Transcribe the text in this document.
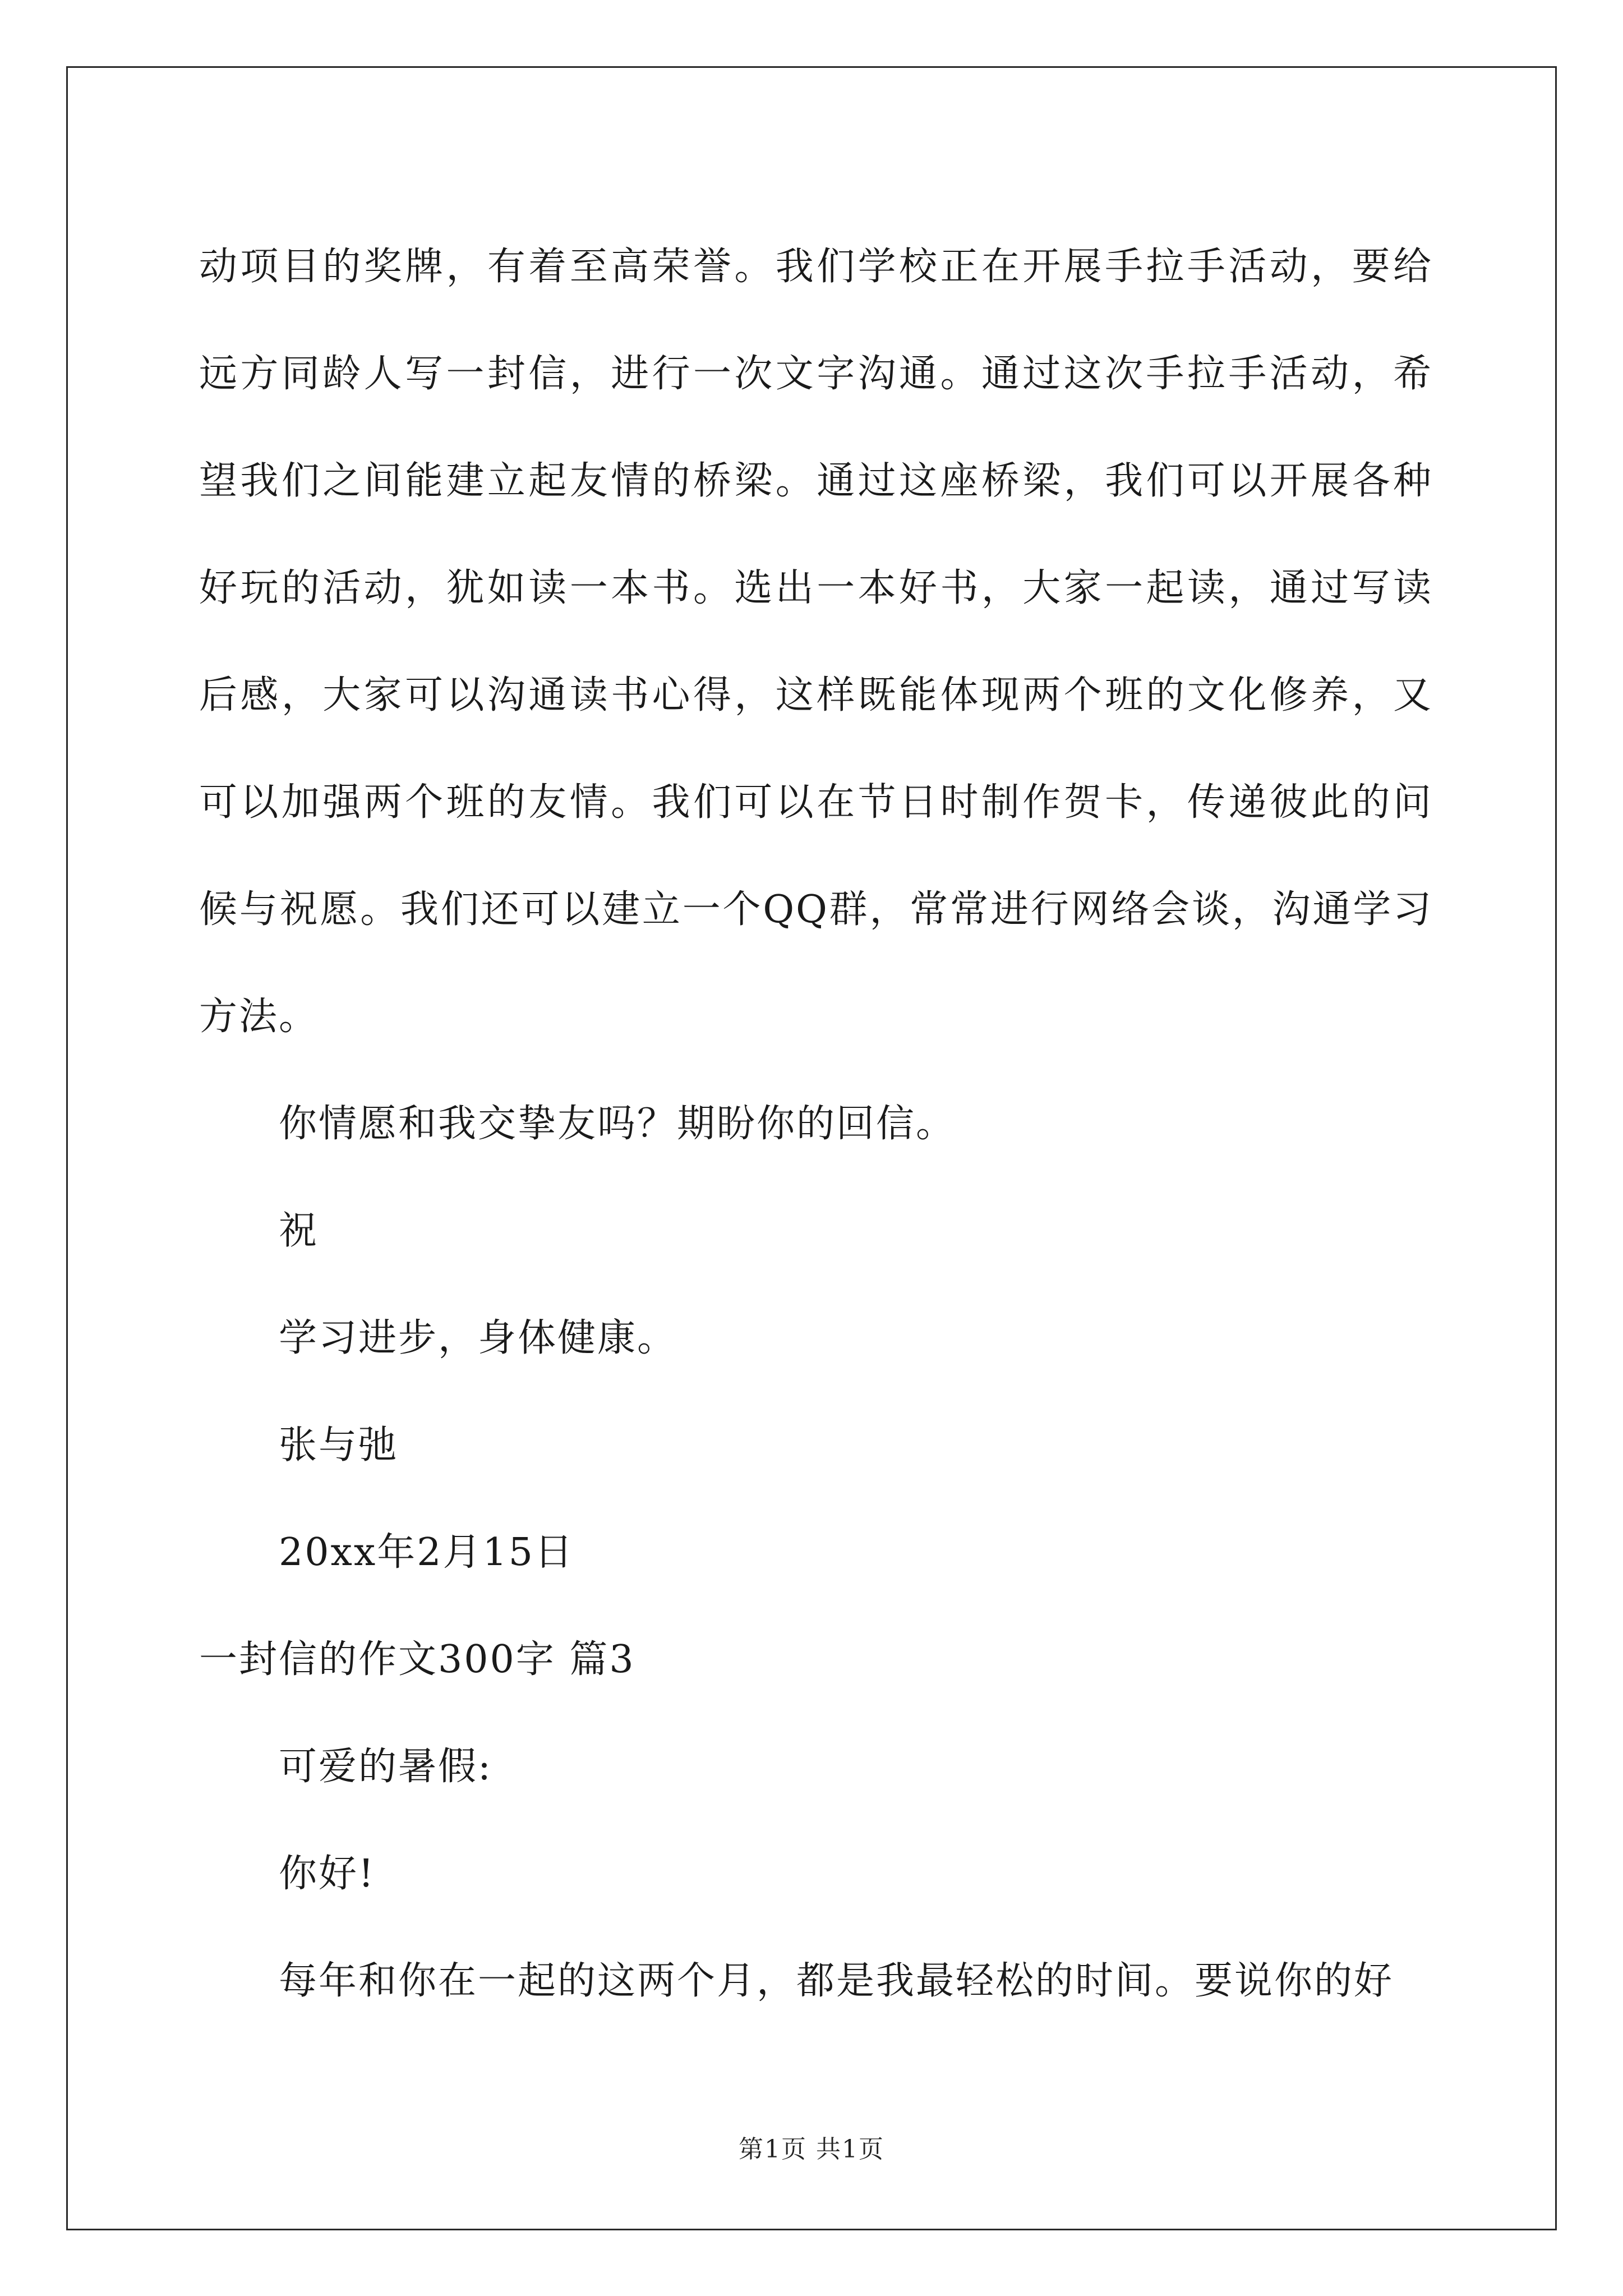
动项目的奖牌，有着至高荣誉。我们学校正在开展手拉手活动，要给远方同龄人写一封信，进行一次文字沟通。通过这次手拉手活动，希望我们之间能建立起友情的桥梁。通过这座桥梁，我们可以开展各种好玩的活动，犹如读一本书。选出一本好书，大家一起读，通过写读后感，大家可以沟通读书心得，这样既能体现两个班的文化修养，又可以加强两个班的友情。我们可以在节日时制作贺卡，传递彼此的问候与祝愿。我们还可以建立一个QQ群，常常进行网络会谈，沟通学习方法。

你情愿和我交挚友吗？期盼你的回信。

祝

学习进步，身体健康。

张与弛

20xx年2月15日

一封信的作文300字 篇3

可爱的暑假:

你好!

每年和你在一起的这两个月，都是我最轻松的时间。要说你的好

第1页 共1页
